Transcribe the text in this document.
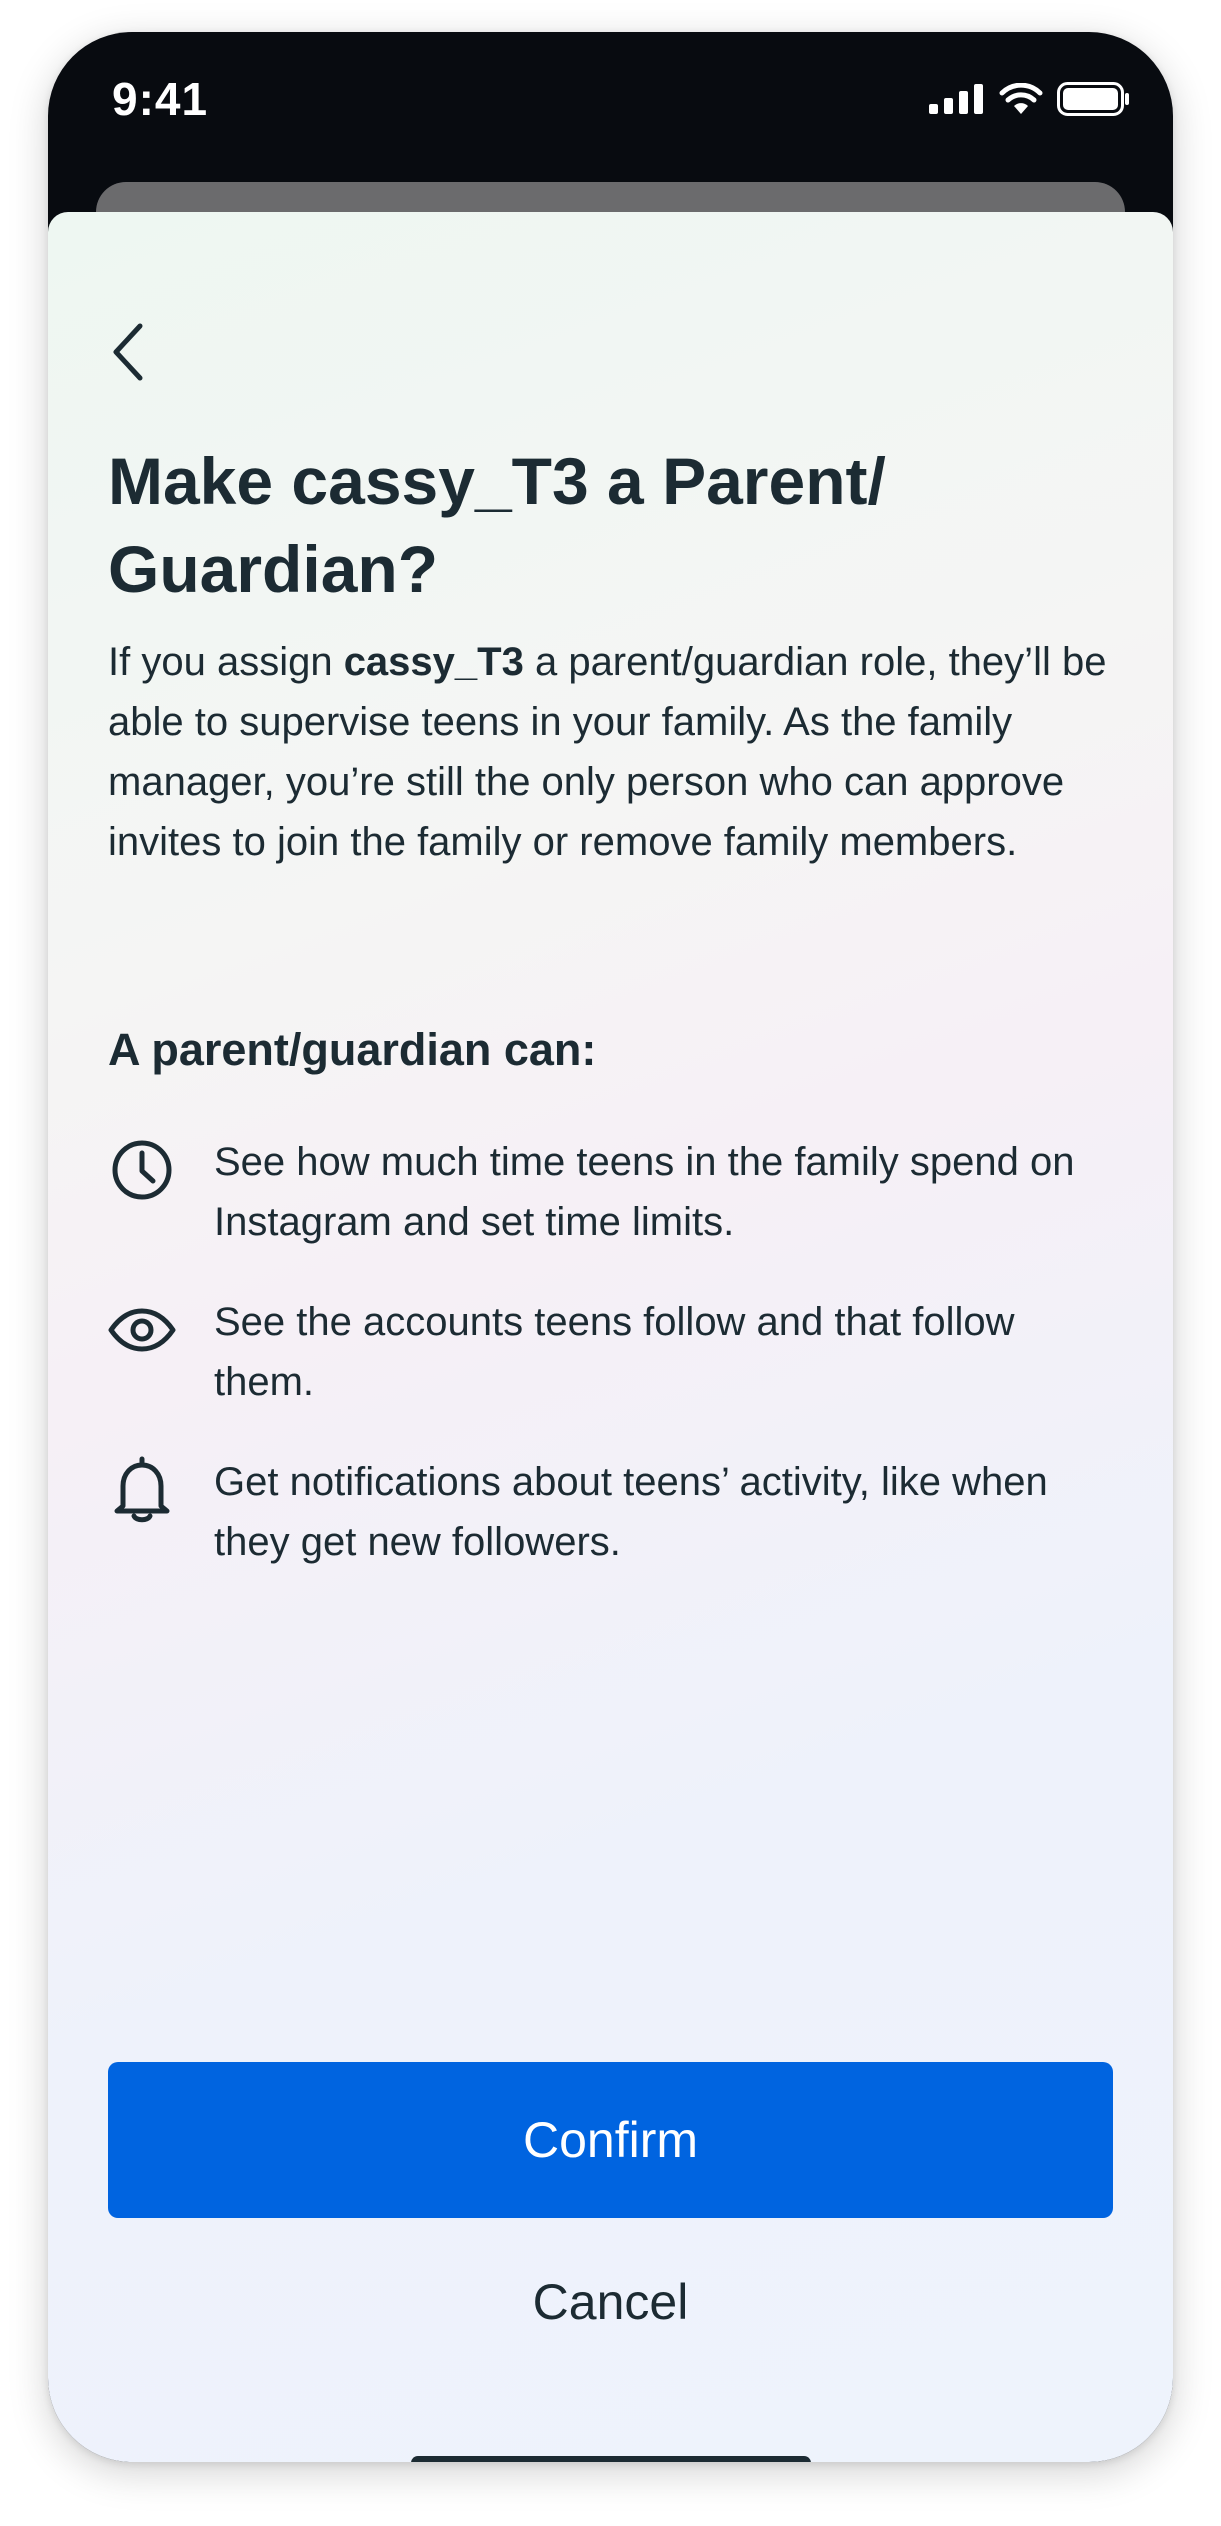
9:41
Make cassy_T3 a Parent/ Guardian?

If you assign cassy_T3 a parent/guardian role, they’ll be able to supervise teens in your family. As the family manager, you’re still the only person who can approve invites to join the family or remove family members.

A parent/guardian can:
See how much time teens in the family spend on Instagram and set time limits.
See the accounts teens follow and that follow them.
Get notifications about teens’ activity, like when they get new followers.
Confirm
Cancel
